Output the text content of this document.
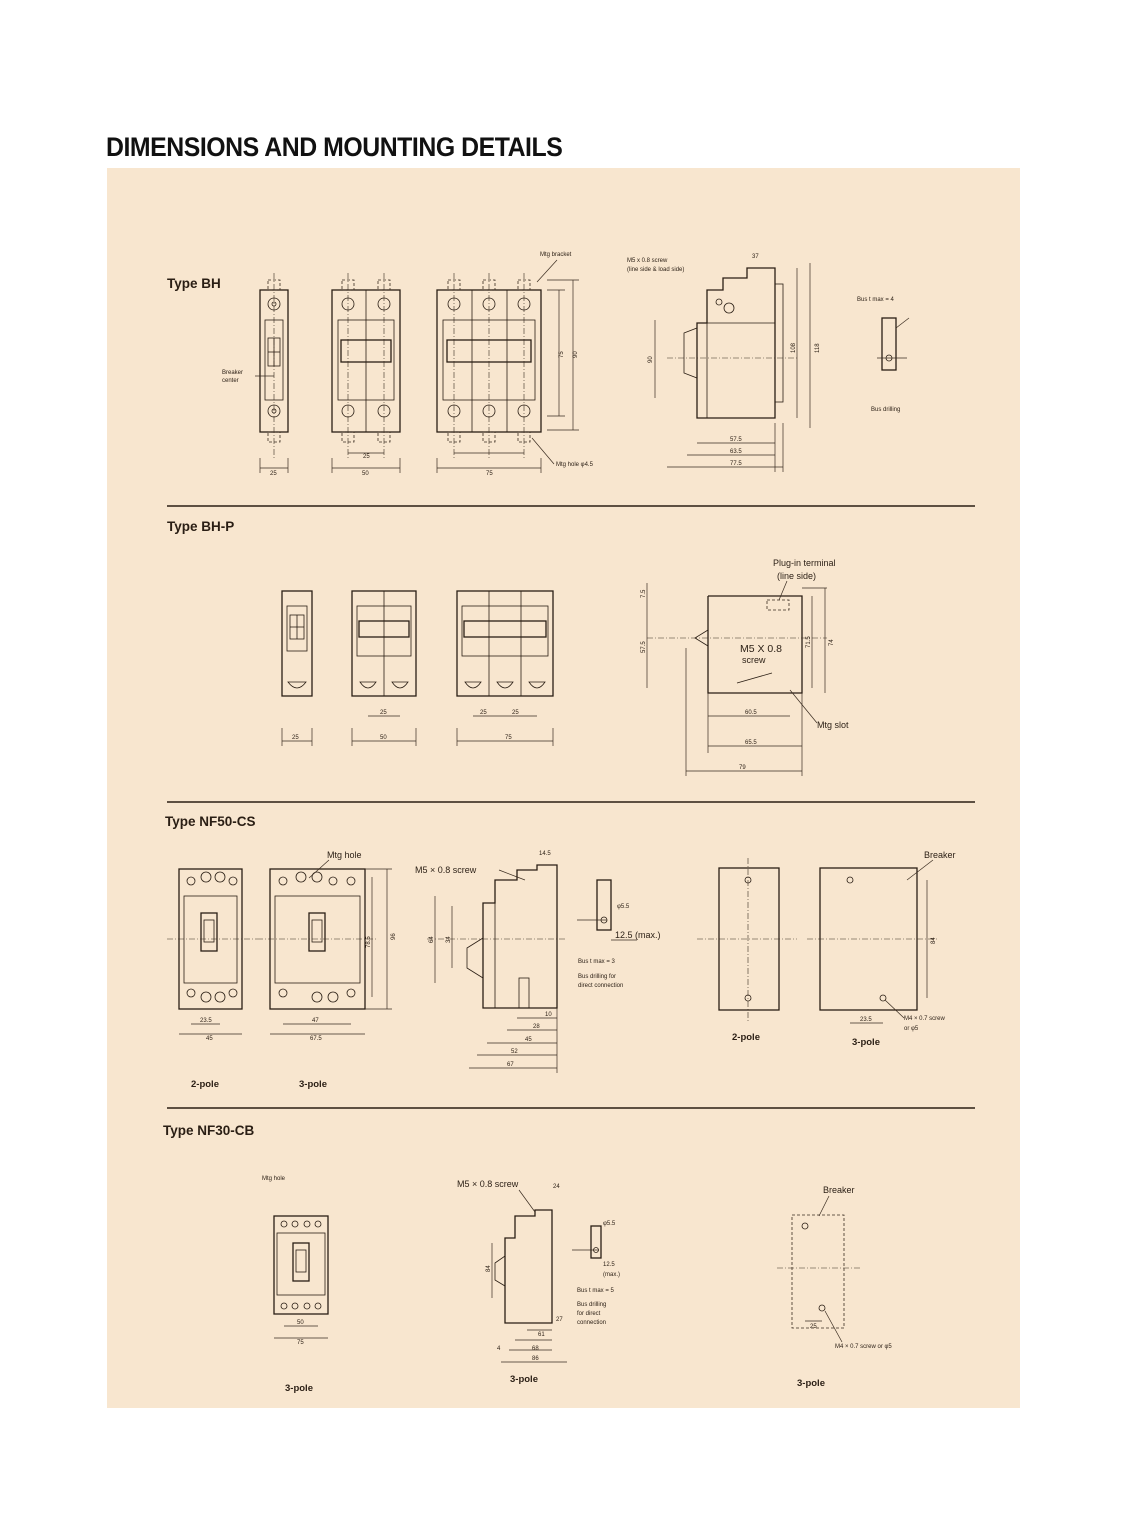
DIMENSIONS AND MOUNTING DETAILS
Type BH
75 90
25	50
25
75
Breaker
center
Mtg bracket
Mtg hole φ4.5
M5 x 0.8 screw
(line side & load side)
37
57.5
63.5
77.5
90
108	118
Bus t max = 4
Bus drilling
Type BH-P
25	25	25
25	50	75
Plug-in terminal
(line side)
M5 X 0.8
screw
Mtg slot
60.5
65.5
79
7.5
57.5	71.5	74
Type NF50-CS
Mtg hole
78.5	96
23.5
45
47
67.5
2-pole	3-pole
M5 × 0.8 screw
14.5
64 34
10
28
45
52
67
φ5.5
12.5 (max.)
Bus t max = 3
Bus drilling for
direct connection
Breaker
84
23.5	M4 × 0.7 screw
or φ5
2-pole	3-pole
Type NF30-CB
Mtg hole
50
75
3-pole
M5 × 0.8 screw	24
84
27
61
68
86
4
3-pole
φ5.5
12.5
(max.)
Bus t max = 5
Bus drilling
for direct
connection
Breaker
25
M4 × 0.7 screw or φ5
3-pole
